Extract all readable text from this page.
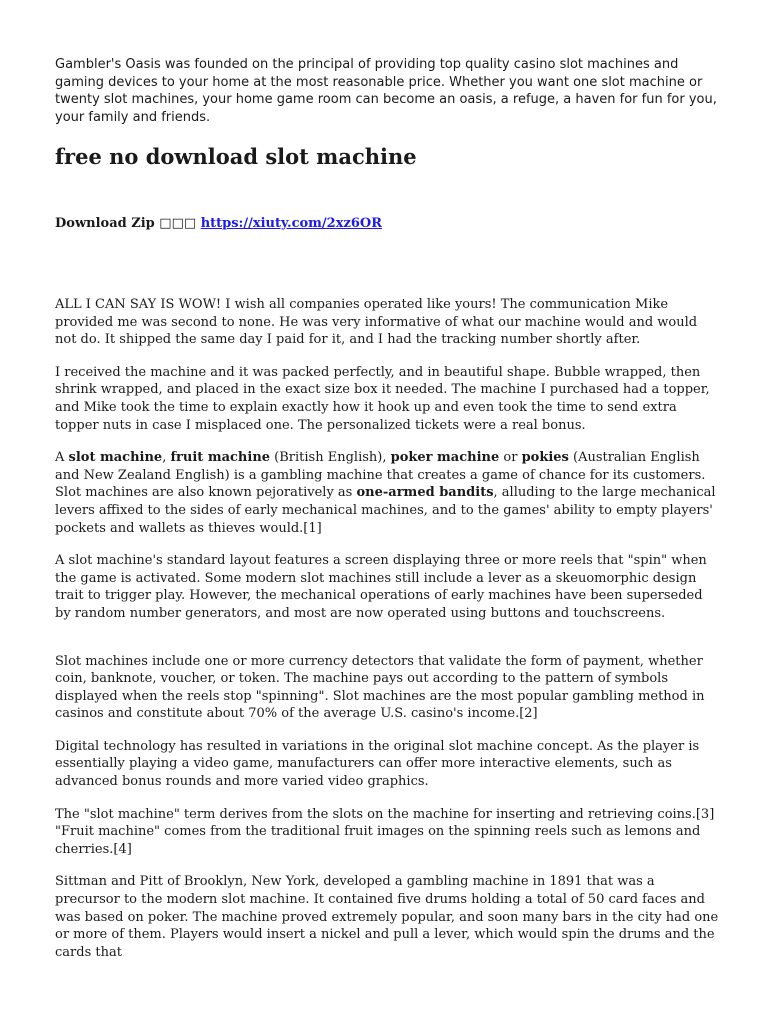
Gambler's Oasis was founded on the principal of providing top quality casino slot machines and gaming devices to your home at the most reasonable price. Whether you want one slot machine or twenty slot machines, your home game room can become an oasis, a refuge, a haven for fun for you, your family and friends.

free no download slot machine

Download Zip □□□ https://xiuty.com/2xz6OR

ALL I CAN SAY IS WOW! I wish all companies operated like yours! The communication Mike provided me was second to none. He was very informative of what our machine would and would not do. It shipped the same day I paid for it, and I had the tracking number shortly after.

I received the machine and it was packed perfectly, and in beautiful shape. Bubble wrapped, then shrink wrapped, and placed in the exact size box it needed. The machine I purchased had a topper, and Mike took the time to explain exactly how it hook up and even took the time to send extra topper nuts in case I misplaced one. The personalized tickets were a real bonus.

A slot machine, fruit machine (British English), poker machine or pokies (Australian English and New Zealand English) is a gambling machine that creates a game of chance for its customers. Slot machines are also known pejoratively as one-armed bandits, alluding to the large mechanical levers affixed to the sides of early mechanical machines, and to the games' ability to empty players' pockets and wallets as thieves would.[1]

A slot machine's standard layout features a screen displaying three or more reels that "spin" when the game is activated. Some modern slot machines still include a lever as a skeuomorphic design trait to trigger play. However, the mechanical operations of early machines have been superseded by random number generators, and most are now operated using buttons and touchscreens.

Slot machines include one or more currency detectors that validate the form of payment, whether coin, banknote, voucher, or token. The machine pays out according to the pattern of symbols displayed when the reels stop "spinning". Slot machines are the most popular gambling method in casinos and constitute about 70% of the average U.S. casino's income.[2]

Digital technology has resulted in variations in the original slot machine concept. As the player is essentially playing a video game, manufacturers can offer more interactive elements, such as advanced bonus rounds and more varied video graphics.

The "slot machine" term derives from the slots on the machine for inserting and retrieving coins.[3] "Fruit machine" comes from the traditional fruit images on the spinning reels such as lemons and cherries.[4]

Sittman and Pitt of Brooklyn, New York, developed a gambling machine in 1891 that was a precursor to the modern slot machine. It contained five drums holding a total of 50 card faces and was based on poker. The machine proved extremely popular, and soon many bars in the city had one or more of them. Players would insert a nickel and pull a lever, which would spin the drums and the cards that
